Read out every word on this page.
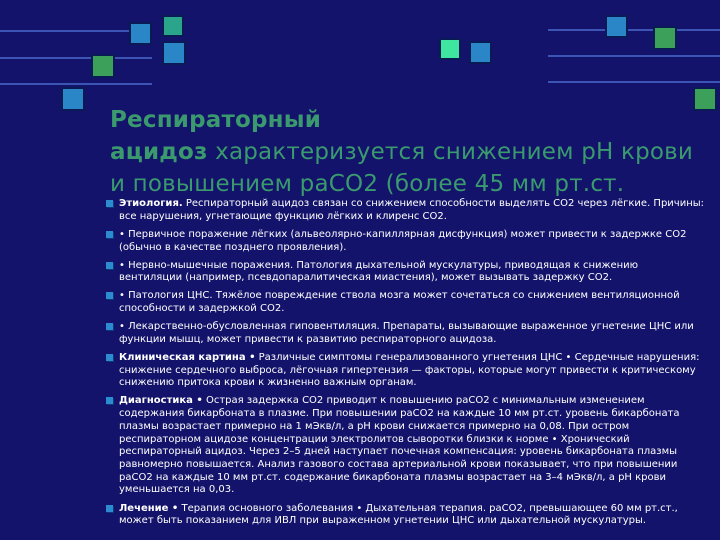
Респираторный
ацидоз характеризуется снижением pH крови и повышением раСО2 (более 45 мм рт.ст.
Этиология. Респираторный ацидоз связан со снижением способности выделять СО2 через лёгкие. Причины: все нарушения, угнетающие функцию лёгких и клиренс СО2.
• Первичное поражение лёгких (альвеолярно-капиллярная дисфункция) может привести к задержке СО2 (обычно в качестве позднего проявления).
• Нервно-мышечные поражения. Патология дыхательной мускулатуры, приводящая к снижению вентиляции (например, псевдопаралитическая миастения), может вызывать задержку СО2.
• Патология ЦНС. Тяжёлое повреждение ствола мозга может сочетаться со снижением вентиляционной способности и задержкой СО2.
• Лекарственно-обусловленная гиповентиляция. Препараты, вызывающие выраженное угнетение ЦНС или функции мышц, может привести к развитию респираторного ацидоза.
Клиническая картина • Различные симптомы генерализованного угнетения ЦНС • Сердечные нарушения: снижение сердечного выброса, лёгочная гипертензия — факторы, которые могут привести к критическому снижению притока крови к жизненно важным органам.
Диагностика • Острая задержка СО2 приводит к повышению раСО2 с минимальным изменением содержания бикарбоната в плазме. При повышении раСО2 на каждые 10 мм рт.ст. уровень бикарбоната плазмы возрастает примерно на 1 мЭкв/л, а pH крови снижается примерно на 0,08. При остром респираторном ацидозе концентрации электролитов сыворотки близки к норме • Хронический респираторный ацидоз. Через 2–5 дней наступает почечная компенсация: уровень бикарбоната плазмы равномерно повышается. Анализ газового состава артериальной крови показывает, что при повышении раСО2 на каждые 10 мм рт.ст. содержание бикарбоната плазмы возрастает на 3–4 мЭкв/л, а pH крови уменьшается на 0,03.
Лечение • Терапия основного заболевания • Дыхательная терапия. раСО2, превышающее 60 мм рт.ст., может быть показанием для ИВЛ при выраженном угнетении ЦНС или дыхательной мускулатуры.
